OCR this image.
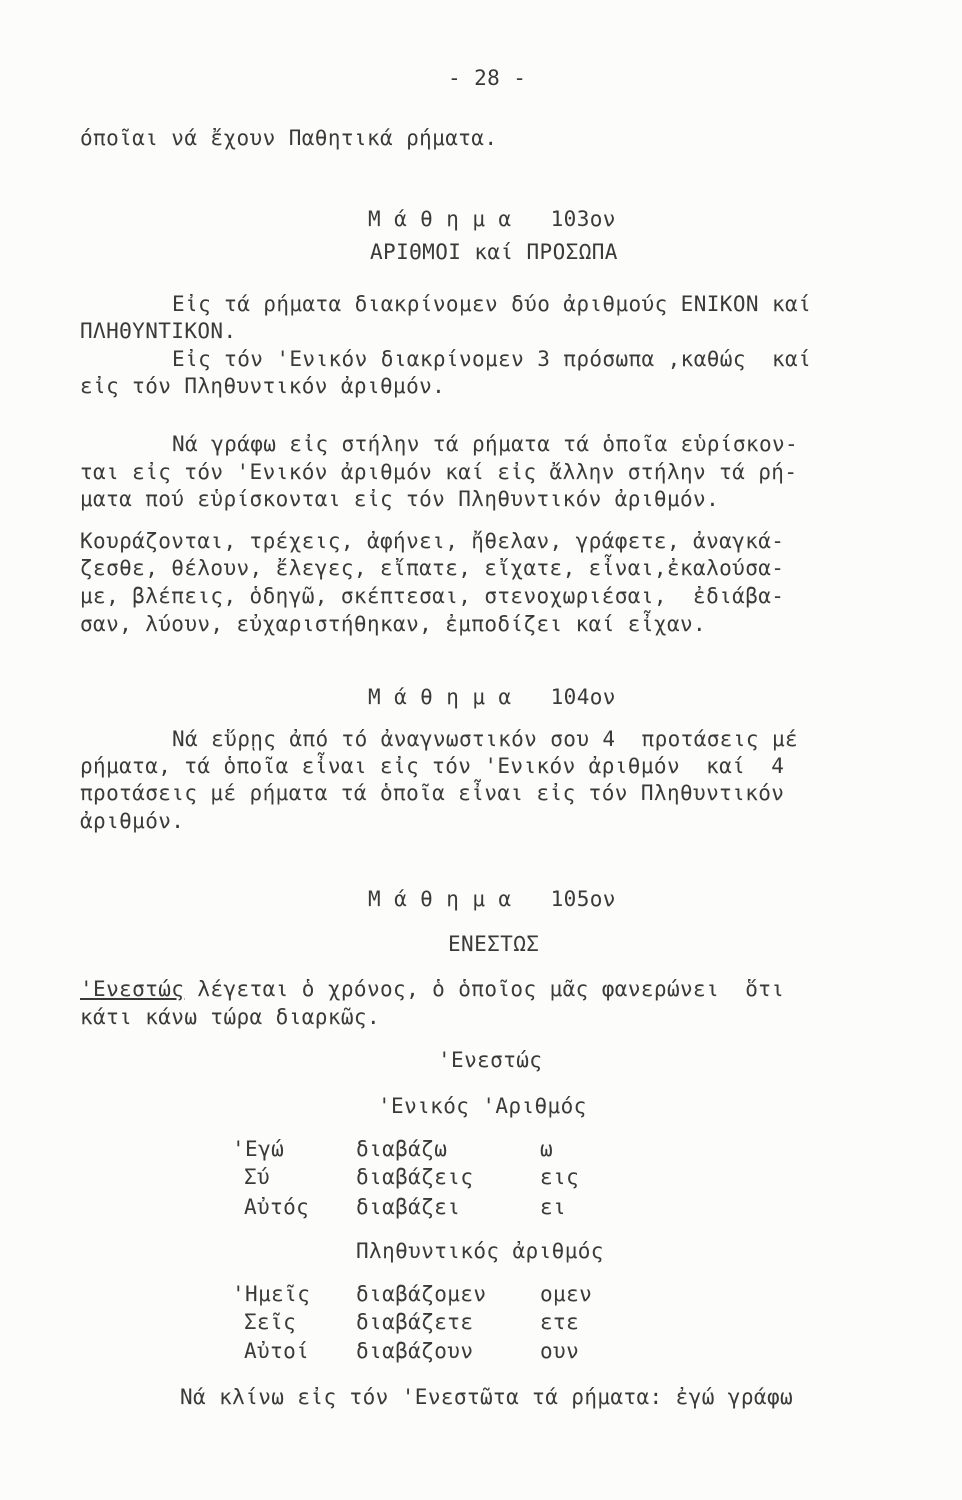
- 28 -
όποῖαι νά ἔχουν Παθητικά ρήματα.
Μ ά θ η μ α   103ον
ΑΡΙΘΜΟΙ καί ΠΡΟΣΩΠΑ
Εἰς τά ρήματα διακρίνομεν δύο ἀριθμούς ΕΝΙΚΟΝ καί
ΠΛΗΘΥΝΤΙΚΟΝ.
Εἰς τόν 'Ενικόν διακρίνομεν 3 πρόσωπα ,καθώς  καί
εἰς τόν Πληθυντικόν ἀριθμόν.
Νά γράφω εἰς στήλην τά ρήματα τά ὁποῖα εὑρίσκον-
ται εἰς τόν 'Ενικόν ἀριθμόν καί εἰς ἄλλην στήλην τά ρή-
ματα πού εὑρίσκονται εἰς τόν Πληθυντικόν ἀριθμόν.
Κουράζονται, τρέχεις, ἀφήνει, ἤθελαν, γράφετε, ἀναγκά-
ζεσθε, θέλουν, ἔλεγες, εἴπατε, εἴχατε, εἶναι,ἐκαλούσα-
με, βλέπεις, ὁδηγῶ, σκέπτεσαι, στενοχωριέσαι,  ἐδιάβα-
σαν, λύουν, εὐχαριστήθηκαν, ἐμποδίζει καί εἶχαν.
Μ ά θ η μ α   104ον
Νά εὕρῃς ἀπό τό ἀναγνωστικόν σου 4  προτάσεις μέ
ρήματα, τά ὁποῖα εἶναι εἰς τόν 'Ενικόν ἀριθμόν  καί  4
προτάσεις μέ ρήματα τά ὁποῖα εἶναι εἰς τόν Πληθυντικόν
ἀριθμόν.
Μ ά θ η μ α   105ον
ΕΝΕΣΤΩΣ
'Ενεστώς λέγεται ὁ χρόνος, ὁ ὁποῖος μᾶς φανερώνει  ὅτι
κάτι κάνω τώρα διαρκῶς.
'Ενεστώς
'Ενικός 'Αριθμός
'Εγώ	διαβάζω	ω
Σύ	διαβάζεις	εις
Αὐτός διαβάζει	ει
Πληθυντικός ἀριθμός
'Ημεῖς διαβάζομεν	ομεν
Σεῖς	διαβάζετε	ετε
Αὐτοί διαβάζουν	ουν
Νά κλίνω εἰς τόν 'Ενεστῶτα τά ρήματα: ἐγώ γράφω
